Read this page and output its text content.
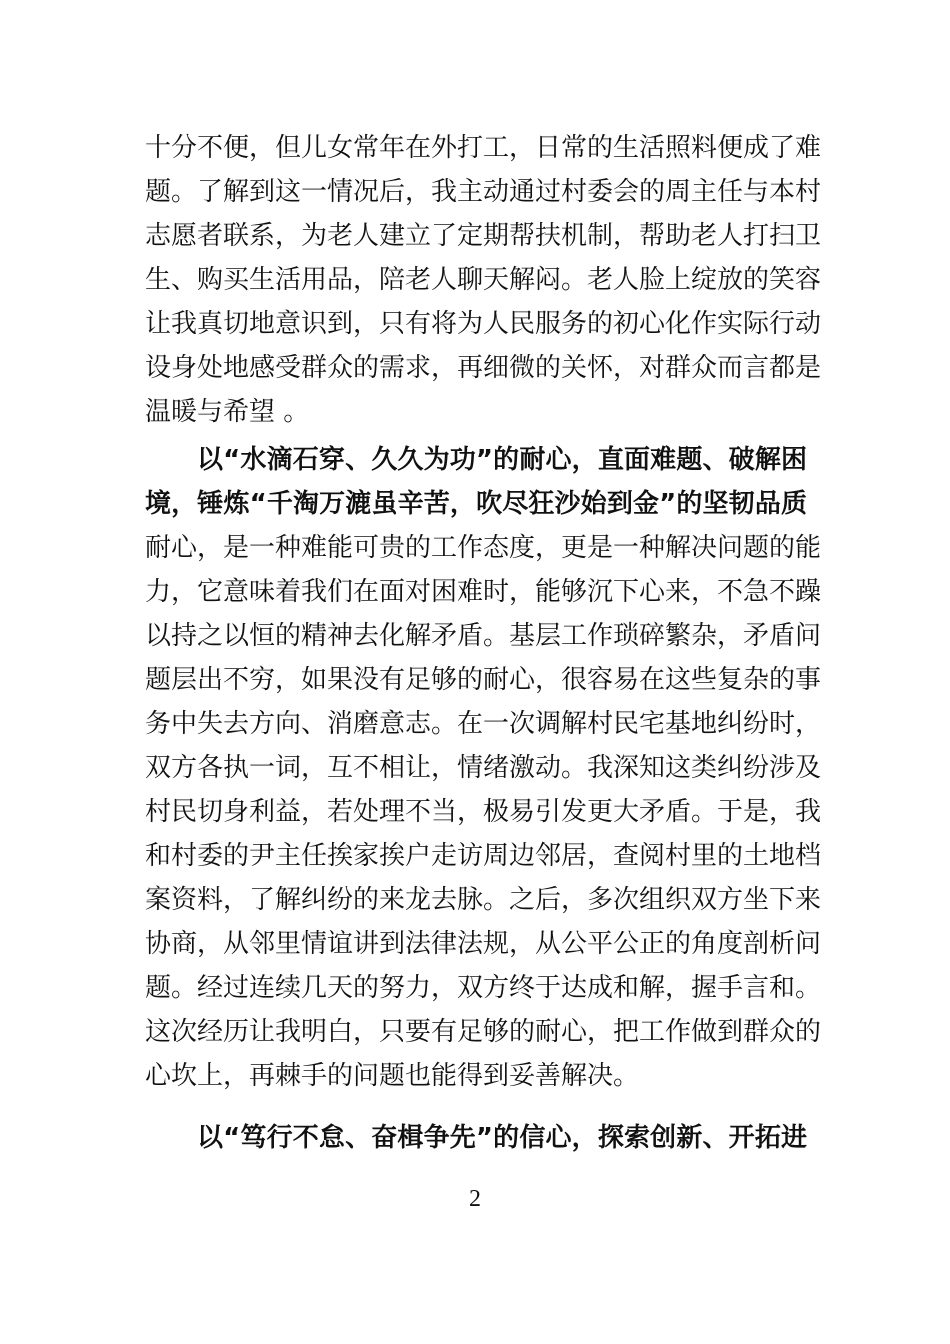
十分不便，但儿女常年在外打工，日常的生活照料便成了难
题。了解到这一情况后，我主动通过村委会的周主任与本村
志愿者联系，为老人建立了定期帮扶机制，帮助老人打扫卫
生、购买生活用品，陪老人聊天解闷。老人脸上绽放的笑容
让我真切地意识到，只有将为人民服务的初心化作实际行动
设身处地感受群众的需求，再细微的关怀，对群众而言都是
温暖与希望 。
以“水滴石穿、久久为功”的耐心，直面难题、破解困
境，锤炼“千淘万漉虽辛苦，吹尽狂沙始到金”的坚韧品质
耐心，是一种难能可贵的工作态度，更是一种解决问题的能
力，它意味着我们在面对困难时，能够沉下心来，不急不躁
以持之以恒的精神去化解矛盾。基层工作琐碎繁杂，矛盾问
题层出不穷，如果没有足够的耐心，很容易在这些复杂的事
务中失去方向、消磨意志。在一次调解村民宅基地纠纷时，
双方各执一词，互不相让，情绪激动。我深知这类纠纷涉及
村民切身利益，若处理不当，极易引发更大矛盾。于是，我
和村委的尹主任挨家挨户走访周边邻居，查阅村里的土地档
案资料，了解纠纷的来龙去脉。之后，多次组织双方坐下来
协商，从邻里情谊讲到法律法规，从公平公正的角度剖析问
题。经过连续几天的努力，双方终于达成和解，握手言和。
这次经历让我明白，只要有足够的耐心，把工作做到群众的
心坎上，再棘手的问题也能得到妥善解决。
以“笃行不怠、奋楫争先”的信心，探索创新、开拓进
2
